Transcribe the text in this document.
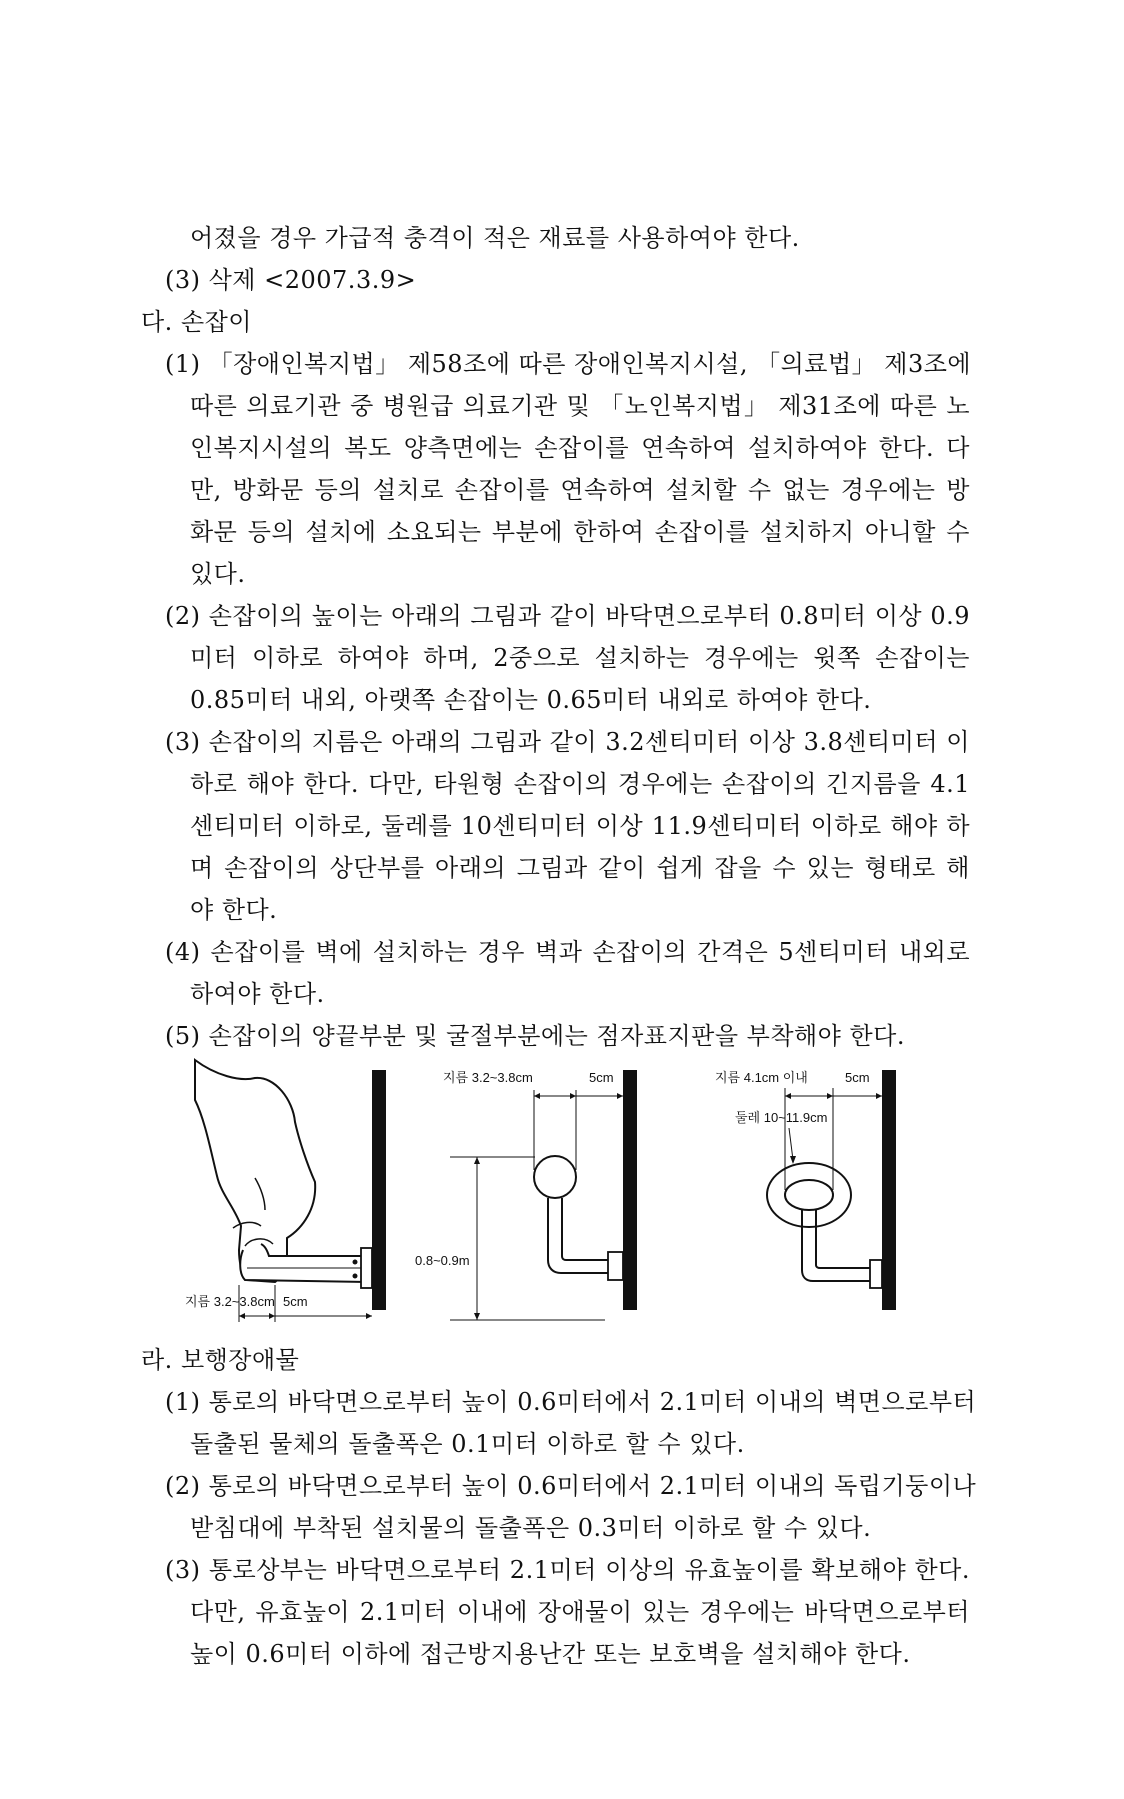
어졌을 경우 가급적 충격이 적은 재료를 사용하여야 한다.
(3) 삭제 <2007.3.9>
다. 손잡이
(1) 「장애인복지법」 제58조에 따른 장애인복지시설, 「의료법」 제3조에
따른 의료기관 중 병원급 의료기관 및 「노인복지법」 제31조에 따른 노
인복지시설의 복도 양측면에는 손잡이를 연속하여 설치하여야 한다. 다
만, 방화문 등의 설치로 손잡이를 연속하여 설치할 수 없는 경우에는 방
화문 등의 설치에 소요되는 부분에 한하여 손잡이를 설치하지 아니할 수
있다.
(2) 손잡이의 높이는 아래의 그림과 같이 바닥면으로부터 0.8미터 이상 0.9
미터 이하로 하여야 하며, 2중으로 설치하는 경우에는 윗쪽 손잡이는
0.85미터 내외, 아랫쪽 손잡이는 0.65미터 내외로 하여야 한다.
(3) 손잡이의 지름은 아래의 그림과 같이 3.2센티미터 이상 3.8센티미터 이
하로 해야 한다. 다만, 타원형 손잡이의 경우에는 손잡이의 긴지름을 4.1
센티미터 이하로, 둘레를 10센티미터 이상 11.9센티미터 이하로 해야 하
며 손잡이의 상단부를 아래의 그림과 같이 쉽게 잡을 수 있는 형태로 해
야 한다.
(4) 손잡이를 벽에 설치하는 경우 벽과 손잡이의 간격은 5센티미터 내외로
하여야 한다.
(5) 손잡이의 양끝부분 및 굴절부분에는 점자표지판을 부착해야 한다.
지름 3.2~3.8cm 5cm
0.8~0.9m
지름 3.2~3.8cm	5cm	지름 4.1cm 이내	5cm
둘레 10~11.9cm
라. 보행장애물
(1) 통로의 바닥면으로부터 높이 0.6미터에서 2.1미터 이내의 벽면으로부터
돌출된 물체의 돌출폭은 0.1미터 이하로 할 수 있다.
(2) 통로의 바닥면으로부터 높이 0.6미터에서 2.1미터 이내의 독립기둥이나
받침대에 부착된 설치물의 돌출폭은 0.3미터 이하로 할 수 있다.
(3) 통로상부는 바닥면으로부터 2.1미터 이상의 유효높이를 확보해야 한다.
다만, 유효높이 2.1미터 이내에 장애물이 있는 경우에는 바닥면으로부터
높이 0.6미터 이하에 접근방지용난간 또는 보호벽을 설치해야 한다.
